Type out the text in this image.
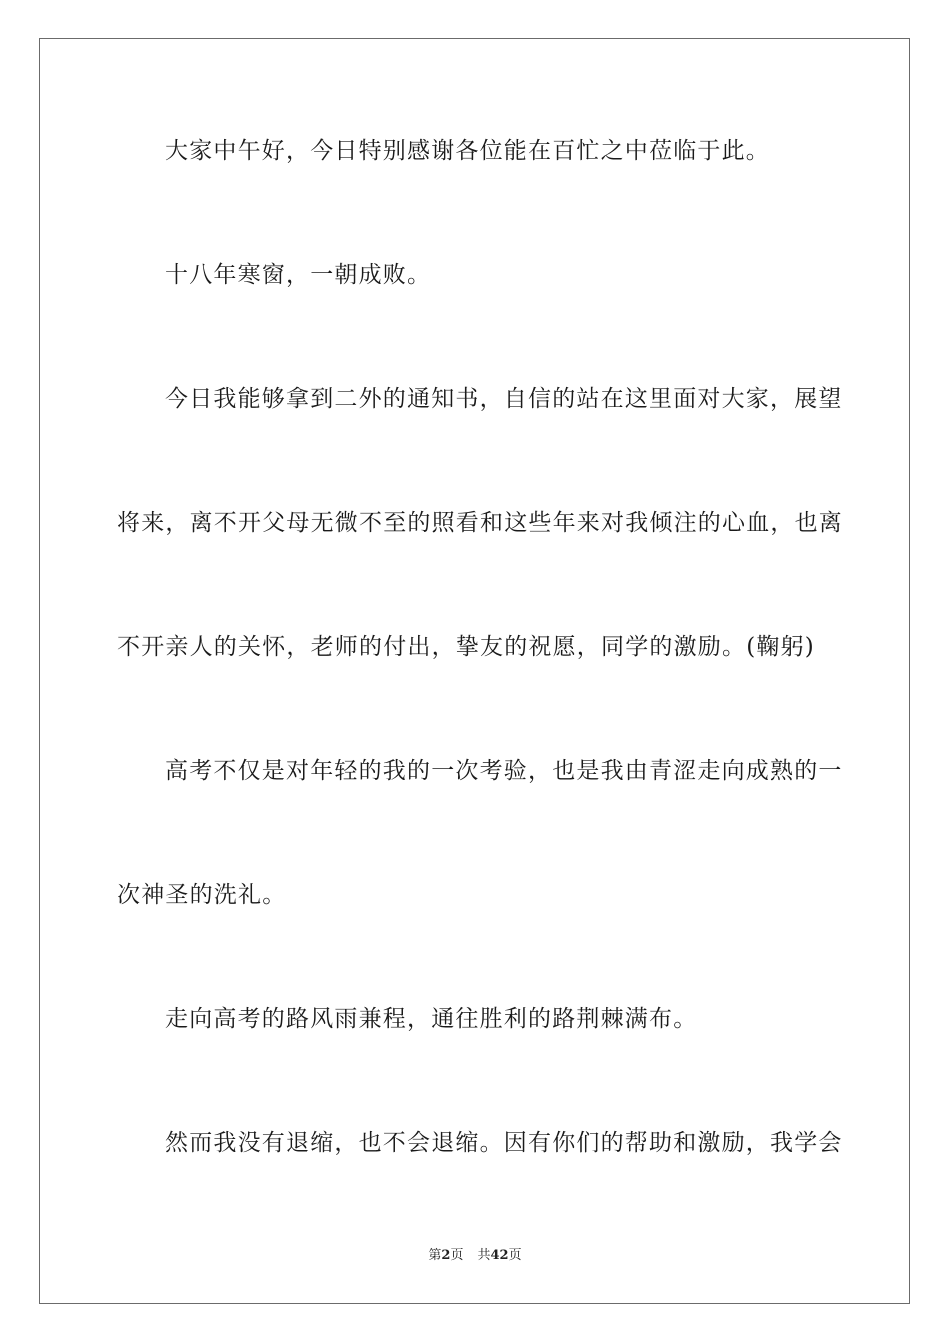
大家中午好，今日特别感谢各位能在百忙之中莅临于此。
十八年寒窗，一朝成败。
今日我能够拿到二外的通知书，自信的站在这里面对大家，展望
将来，离不开父母无微不至的照看和这些年来对我倾注的心血，也离
不开亲人的关怀，老师的付出，挚友的祝愿，同学的激励。(鞠躬)
高考不仅是对年轻的我的一次考验，也是我由青涩走向成熟的一
次神圣的洗礼。
走向高考的路风雨兼程，通往胜利的路荆棘满布。
然而我没有退缩，也不会退缩。因有你们的帮助和激励，我学会
第2页 共42页
